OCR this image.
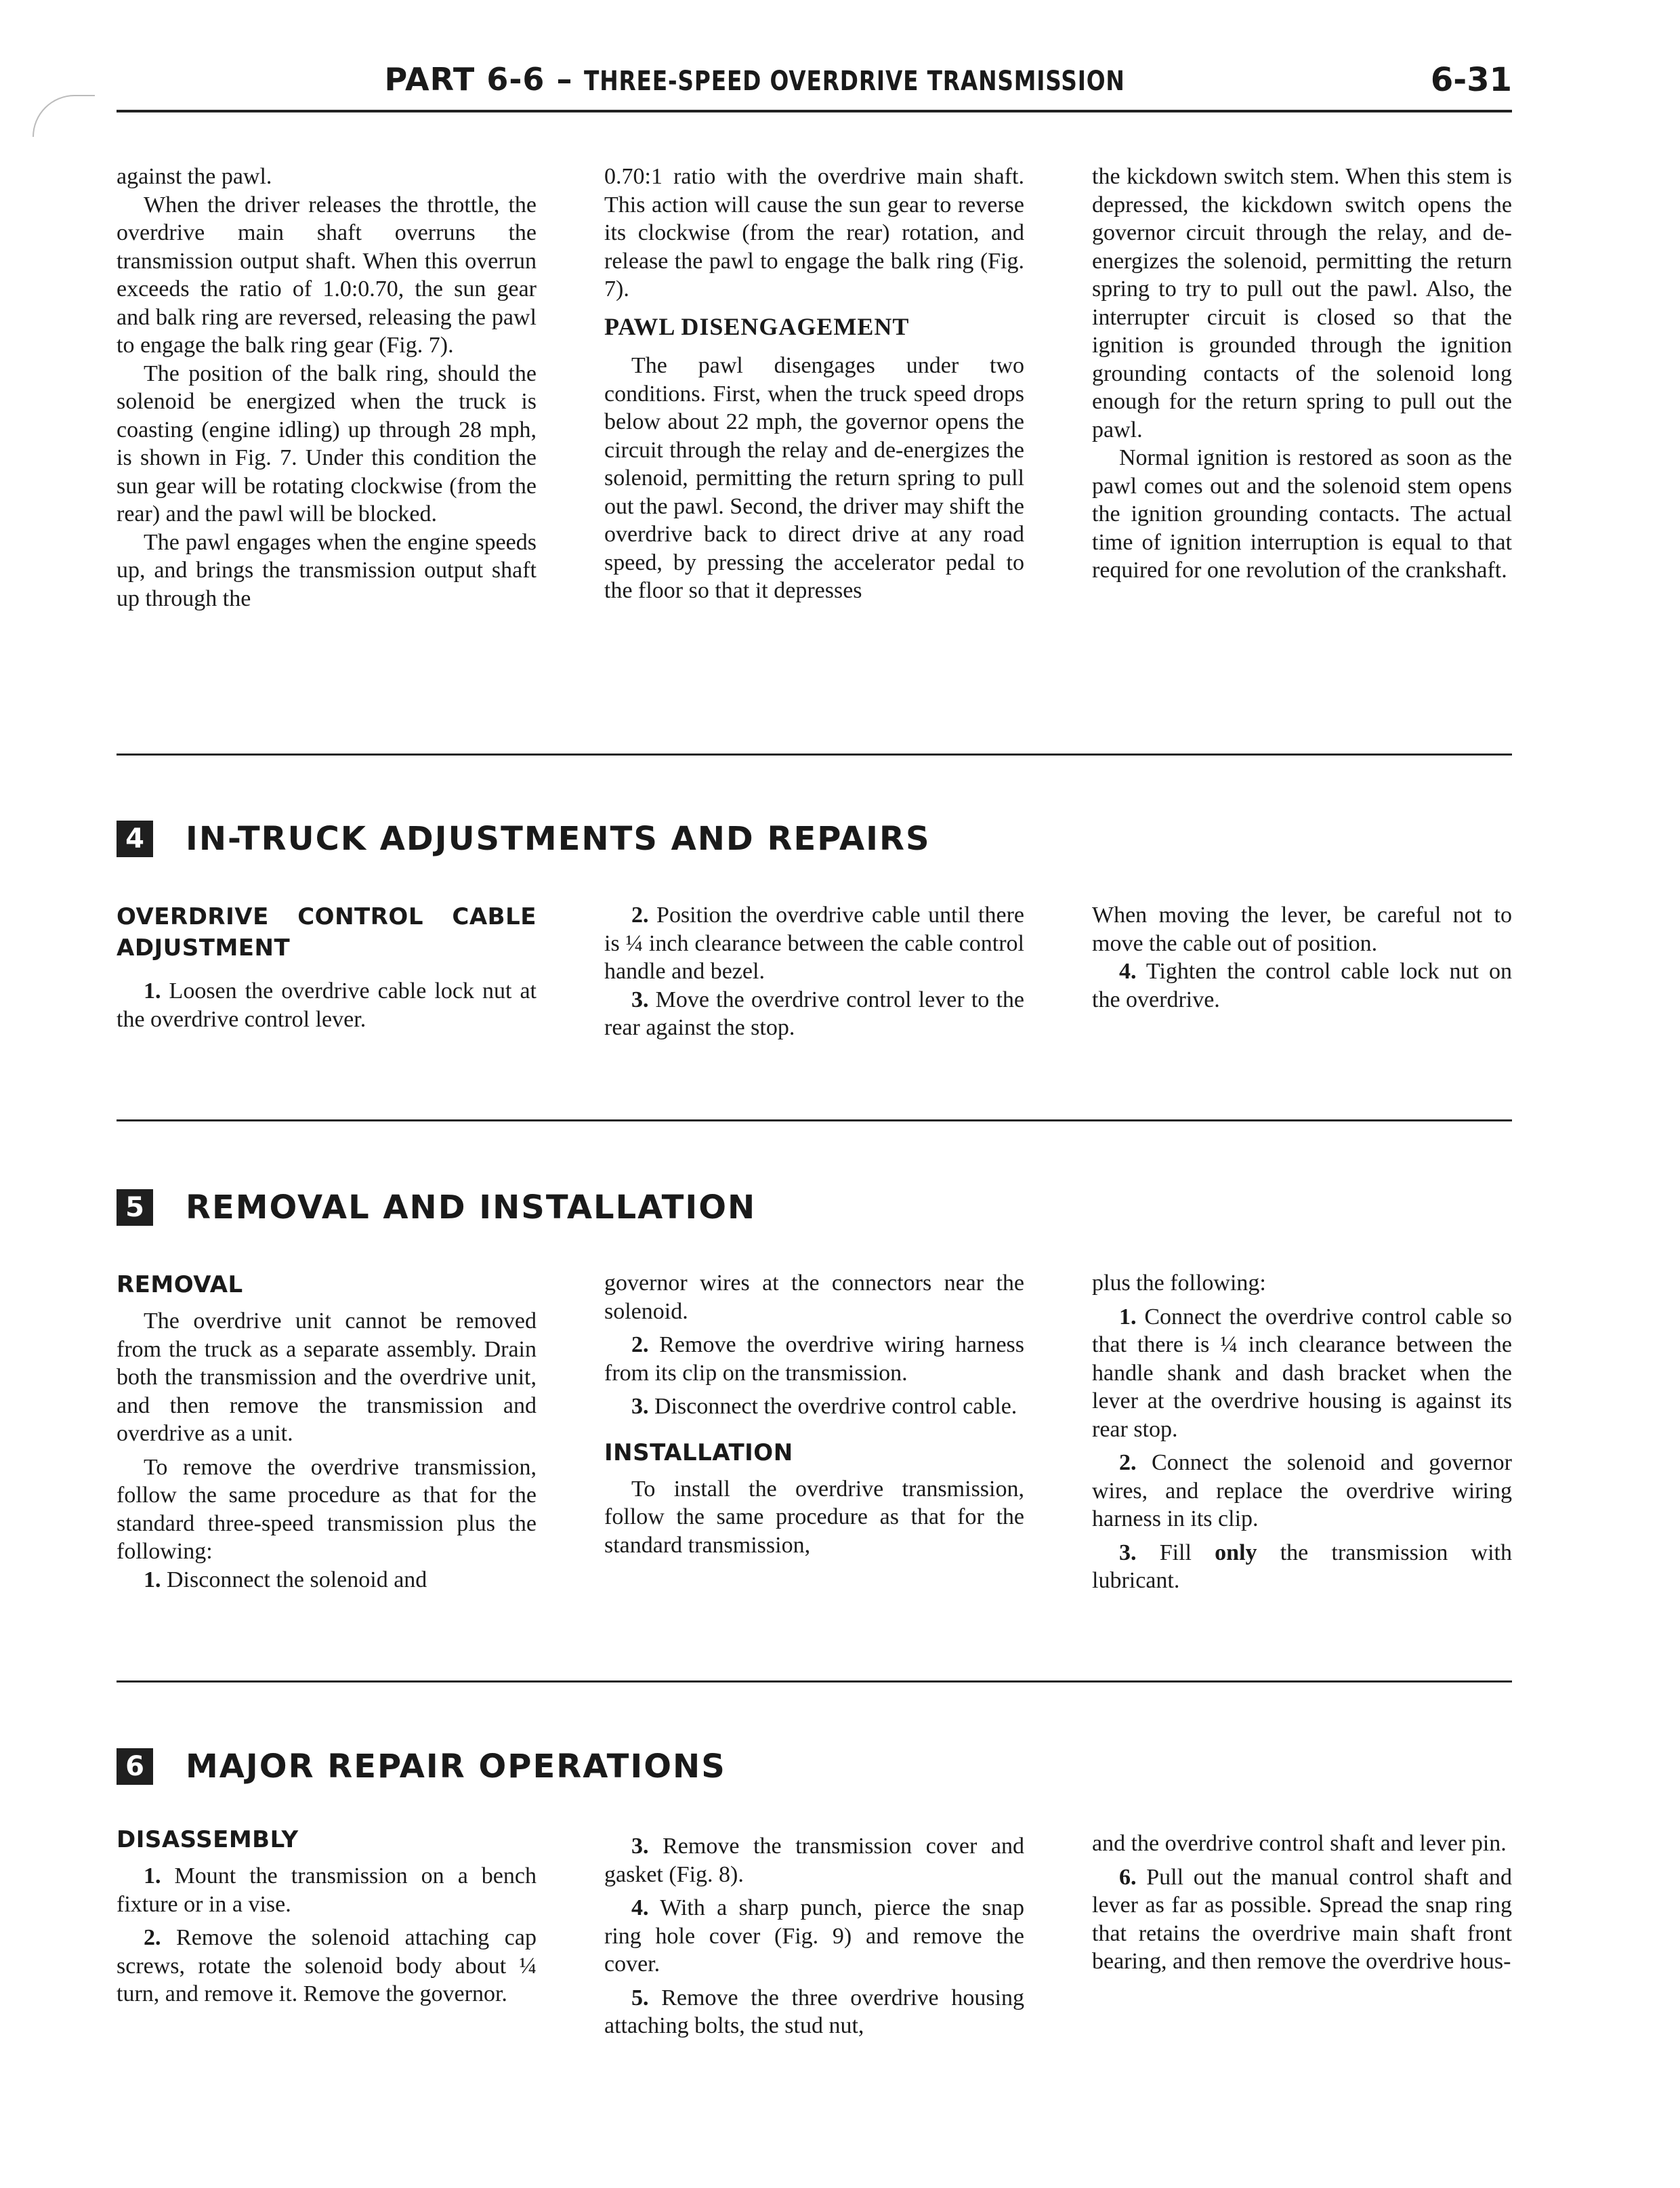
PART 6-6 – THREE-SPEED OVERDRIVE TRANSMISSION	6-31

against the pawl.

When the driver releases the throttle, the overdrive main shaft overruns the transmission output shaft. When this overrun exceeds the ratio of 1.0:0.70, the sun gear and balk ring are reversed, releasing the pawl to engage the balk ring gear (Fig. 7).

The position of the balk ring, should the solenoid be energized when the truck is coasting (engine idling) up through 28 mph, is shown in Fig. 7. Under this condition the sun gear will be rotating clockwise (from the rear) and the pawl will be blocked.

The pawl engages when the engine speeds up, and brings the transmission output shaft up through the

0.70:1 ratio with the overdrive main shaft. This action will cause the sun gear to reverse its clockwise (from the rear) rotation, and release the pawl to engage the balk ring (Fig. 7).

PAWL DISENGAGEMENT

The pawl disengages under two conditions. First, when the truck speed drops below about 22 mph, the governor opens the circuit through the relay and de-energizes the solenoid, permitting the return spring to pull out the pawl. Second, the driver may shift the overdrive back to direct drive at any road speed, by pressing the accelerator pedal to the floor so that it depresses

the kickdown switch stem. When this stem is depressed, the kickdown switch opens the governor circuit through the relay, and de-energizes the solenoid, permitting the return spring to try to pull out the pawl. Also, the interrupter circuit is closed so that the ignition is grounded through the ignition grounding contacts of the solenoid long enough for the return spring to pull out the pawl.

Normal ignition is restored as soon as the pawl comes out and the solenoid stem opens the ignition grounding contacts. The actual time of ignition interruption is equal to that required for one revolution of the crankshaft.

4 IN-TRUCK ADJUSTMENTS AND REPAIRS
OVERDRIVE CONTROL CABLE ADJUSTMENT

1. Loosen the overdrive cable lock nut at the overdrive control lever.

2. Position the overdrive cable until there is ¼ inch clearance between the cable control handle and bezel.

3. Move the overdrive control lever to the rear against the stop.

When moving the lever, be careful not to move the cable out of position.

4. Tighten the control cable lock nut on the overdrive.

5 REMOVAL AND INSTALLATION
REMOVAL

The overdrive unit cannot be removed from the truck as a separate assembly. Drain both the transmission and the overdrive unit, and then remove the transmission and overdrive as a unit.

To remove the overdrive transmission, follow the same procedure as that for the standard three-speed transmission plus the following:

1. Disconnect the solenoid and

governor wires at the connectors near the solenoid.

2. Remove the overdrive wiring harness from its clip on the transmission.

3. Disconnect the overdrive control cable.

INSTALLATION

To install the overdrive transmission, follow the same procedure as that for the standard transmission,

plus the following:

1. Connect the overdrive control cable so that there is ¼ inch clearance between the handle shank and dash bracket when the lever at the overdrive housing is against its rear stop.

2. Connect the solenoid and governor wires, and replace the overdrive wiring harness in its clip.

3. Fill only the transmission with lubricant.

6 MAJOR REPAIR OPERATIONS
DISASSEMBLY

1. Mount the transmission on a bench fixture or in a vise.

2. Remove the solenoid attaching cap screws, rotate the solenoid body about ¼ turn, and remove it. Remove the governor.

3. Remove the transmission cover and gasket (Fig. 8).

4. With a sharp punch, pierce the snap ring hole cover (Fig. 9) and remove the cover.

5. Remove the three overdrive housing attaching bolts, the stud nut,

and the overdrive control shaft and lever pin.

6. Pull out the manual control shaft and lever as far as possible. Spread the snap ring that retains the overdrive main shaft front bearing, and then remove the overdrive hous-
